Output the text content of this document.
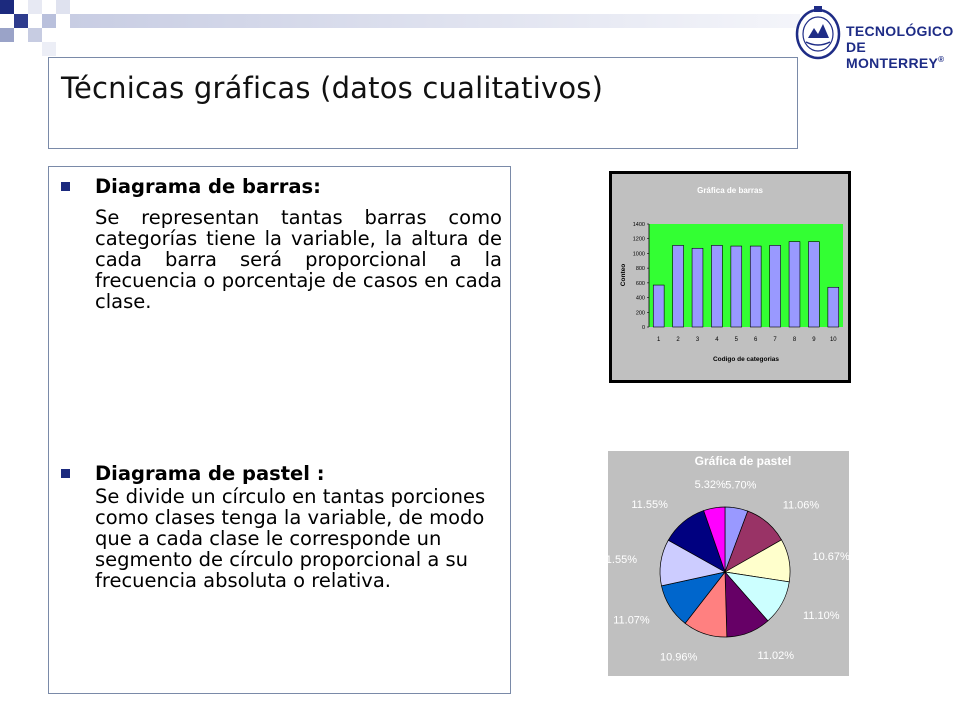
TECNOLÓGICO
DE MONTERREY®
Técnicas gráficas (datos cualitativos)
Diagrama de barras:
Se representan tantas barras como categorías tiene la variable, la altura de cada barra será proporcional a la frecuencia o porcentaje de casos en cada clase.
Diagrama de pastel :
Se divide un círculo en tantas porciones como clases tenga la variable, de modo que a cada clase le corresponde un segmento de círculo proporcional a su frecuencia absoluta o relativa.
Gráfica de barras
0
200
400
600
800
1000
1200
1400
1	2	3	4	5	6	7	8	9 10
Codigo de categorias
Conteo
Gráfica de pastel
5.70%
11.06%
10.67%
11.10%
11.02%
10.96%
11.07%
11.55%
11.55%
5.32%
